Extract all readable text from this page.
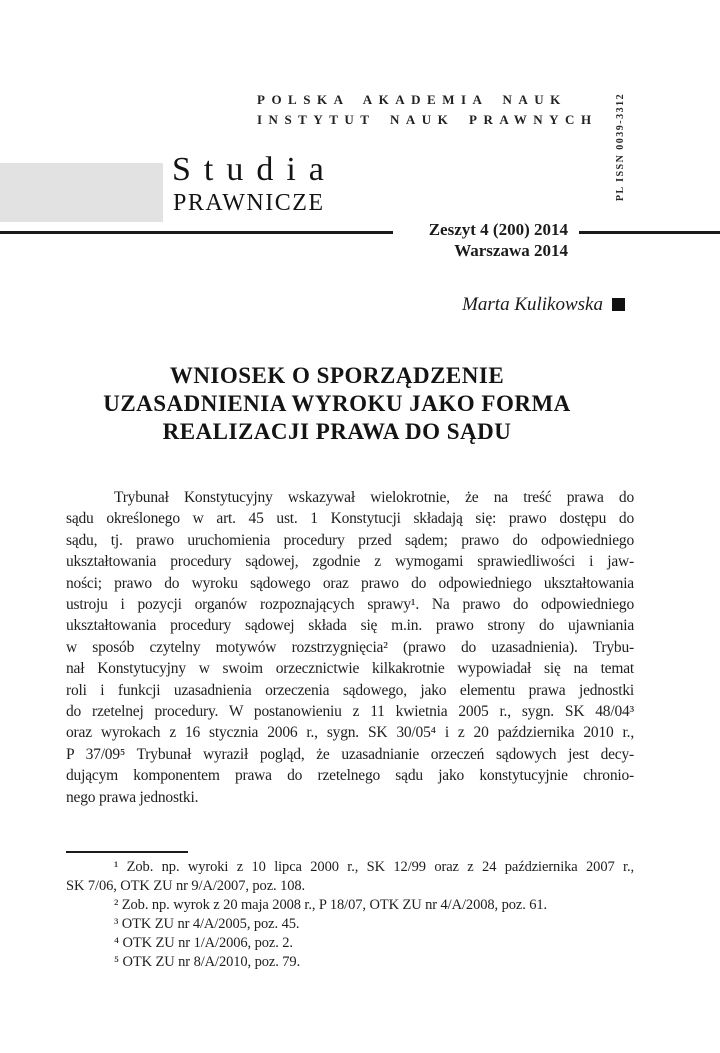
POLSKA AKADEMIA NAUK
INSTYTUT NAUK PRAWNYCH PL ISSN 0039-3312
Studia
PRAWNICZE
Zeszyt 4 (200) 2014
Warszawa 2014
Marta Kulikowska
WNIOSEK O SPORZĄDZENIE
UZASADNIENIA WYROKU JAKO FORMA
REALIZACJI PRAWA DO SĄDU
Trybunał Konstytucyjny wskazywał wielokrotnie, że na treść prawa do
sądu określonego w art. 45 ust. 1 Konstytucji składają się: prawo dostępu do
sądu, tj. prawo uruchomienia procedury przed sądem; prawo do odpowiedniego
ukształtowania procedury sądowej, zgodnie z wymogami sprawiedliwości i jaw-
ności; prawo do wyroku sądowego oraz prawo do odpowiedniego ukształtowania
ustroju i pozycji organów rozpoznających sprawy¹. Na prawo do odpowiedniego
ukształtowania procedury sądowej składa się m.in. prawo strony do ujawniania
w sposób czytelny motywów rozstrzygnięcia² (prawo do uzasadnienia). Trybu-
nał Konstytucyjny w swoim orzecznictwie kilkakrotnie wypowiadał się na temat
roli i funkcji uzasadnienia orzeczenia sądowego, jako elementu prawa jednostki
do rzetelnej procedury. W postanowieniu z 11 kwietnia 2005 r., sygn. SK 48/04³
oraz wyrokach z 16 stycznia 2006 r., sygn. SK 30/05⁴ i z 20 października 2010 r.,
P 37/09⁵ Trybunał wyraził pogląd, że uzasadnianie orzeczeń sądowych jest decy-
dującym komponentem prawa do rzetelnego sądu jako konstytucyjnie chronio-
nego prawa jednostki.
¹ Zob. np. wyroki z 10 lipca 2000 r., SK 12/99 oraz z 24 października 2007 r.,
SK 7/06, OTK ZU nr 9/A/2007, poz. 108.
² Zob. np. wyrok z 20 maja 2008 r., P 18/07, OTK ZU nr 4/A/2008, poz. 61.
³ OTK ZU nr 4/A/2005, poz. 45.
⁴ OTK ZU nr 1/A/2006, poz. 2.
⁵ OTK ZU nr 8/A/2010, poz. 79.
